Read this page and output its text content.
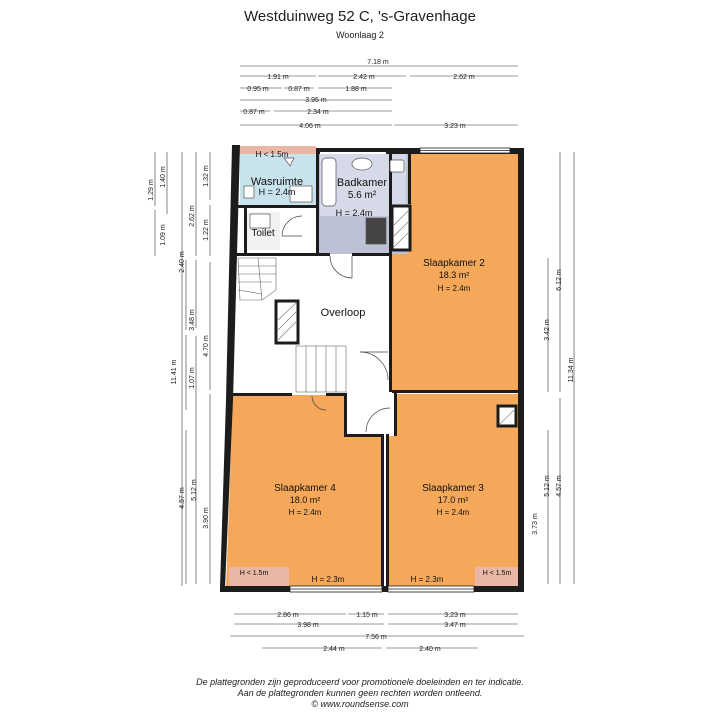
Westduinweg 52 C, 's-Gravenhage
Woonlaag 2
7.18 m
1.91 m	2.42 m	2.62 m
0.95 m	0.87 m	1.88 m
3.95 m
0.87 m	2.34 m
4.06 m	3.23 m
1.29 m
1.40 m
1.09 m
2.62 m
1.32 m
1.22 m
2.40 m
3.48 m
4.70 m
11.41 m 1.07 m
4.57 m 5.12 m
3.90 m
6.12 m
3.42 m
11.34 m
5.12 m 4.57 m
3.73 m
2.86 m	1.15 m	3.23 m
3.98 m	3.47 m
7.56 m
2.44 m	2.40 m
H < 1.5m
Wasruimte
H = 2.4m
Badkamer
5.6 m²
H = 2.4m
Toilet
Overloop
Slaapkamer 2
18.3 m²
H = 2.4m
Slaapkamer 4
18.0 m²
H = 2.4m
H = 2.3m
H < 1.5m
Slaapkamer 3
17.0 m²
H = 2.4m
H = 2.3m
H < 1.5m
De plattegronden zijn geproduceerd voor promotionele doeleinden en ter indicatie.
Aan de plattegronden kunnen geen rechten worden ontleend.
© www.roundsense.com
